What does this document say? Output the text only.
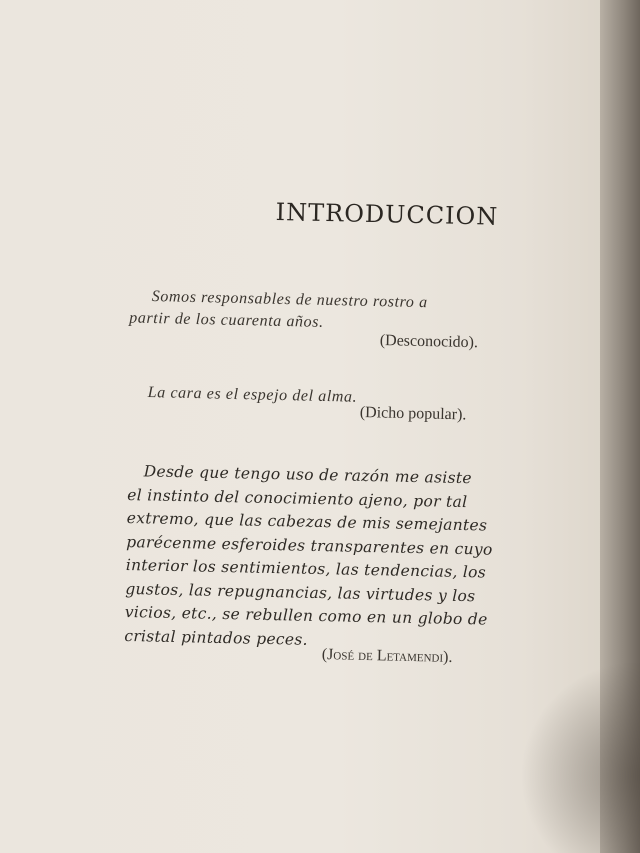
INTRODUCCION
Somos responsables de nuestro rostro a
partir de los cuarenta años.
(Desconocido).
La cara es el espejo del alma.
(Dicho popular).
Desde que tengo uso de razón me asiste
el instinto del conocimiento ajeno, por tal
extremo, que las cabezas de mis semejantes
parécenme esferoides transparentes en cuyo
interior los sentimientos, las tendencias, los
gustos, las repugnancias, las virtudes y los
vicios, etc., se rebullen como en un globo de
cristal pintados peces.
(José de Letamendi).
